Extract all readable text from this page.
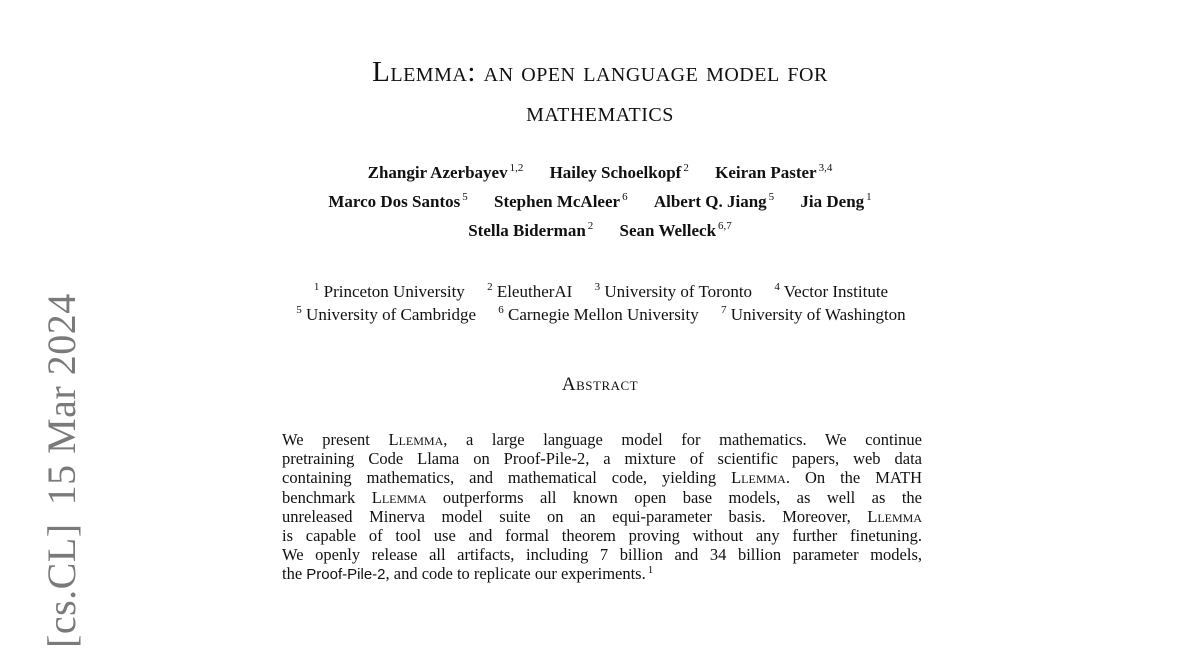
[cs.CL]15 Mar 2024
Llemma: an open language model for
mathematics
Zhangir Azerbayev $^{1,2}$ Hailey Schoelkopf $^2$ Keiran Paster $^{3,4}$
Marco Dos Santos $^5$ Stephen McAleer $^6$ Albert Q. Jiang $^5$ Jia Deng $^1$
Stella Biderman $^2$ Sean Welleck $^{6,7}$
$^1$ Princeton University $^2$ EleutherAI $^3$ University of Toronto $^4$ Vector Institute
$^5$ University of Cambridge $^6$ Carnegie Mellon University $^7$ University of Washington
Abstract
We present Llemma, a large language model for mathematics. We continue
pretraining Code Llama on Proof-Pile-2, a mixture of scientific papers, web data
containing mathematics, and mathematical code, yielding Llemma. On the MATH
benchmark Llemma outperforms all known open base models, as well as the
unreleased Minerva model suite on an equi-parameter basis. Moreover, Llemma
is capable of tool use and formal theorem proving without any further finetuning.
We openly release all artifacts, including 7 billion and 34 billion parameter models,
the Proof-Pile-2, and code to replicate our experiments. $^1$
